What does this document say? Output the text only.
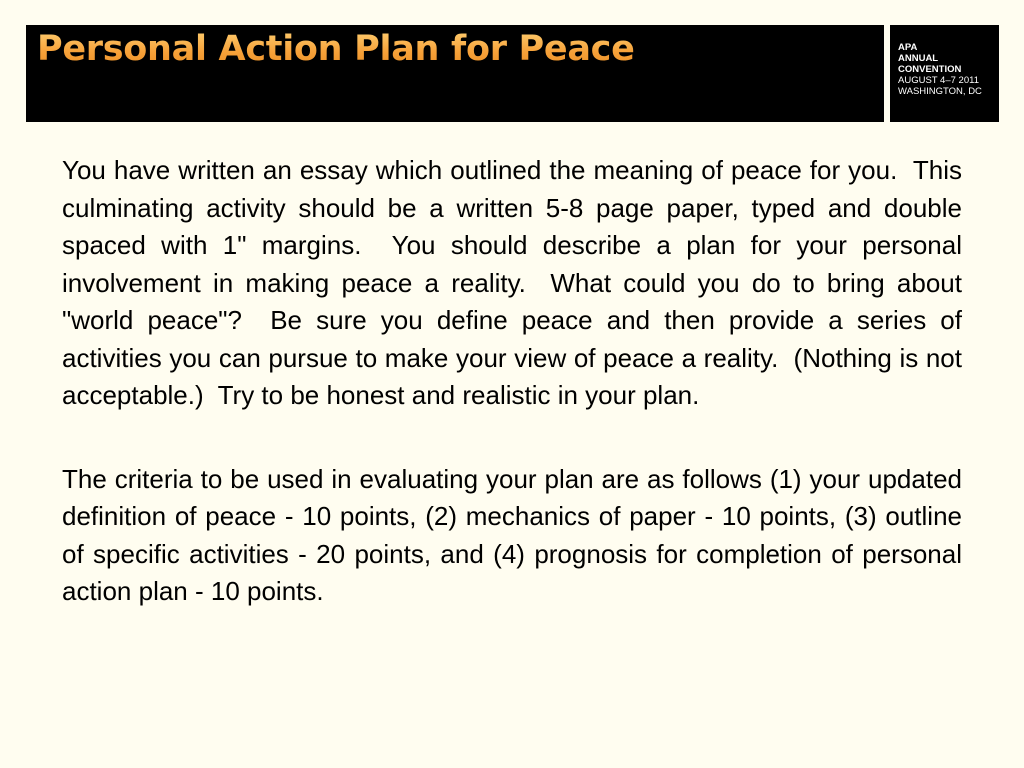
Personal Action Plan for Peace	APA
ANNUAL
CONVENTION
AUGUST 4–7 2011
WASHINGTON, DC

You have written an essay which outlined the meaning of peace for you.  This culminating activity should be a written 5-8 page paper, typed and double spaced with 1" margins.  You should describe a plan for your personal involvement in making peace a reality.  What could you do to bring about "world peace"?  Be sure you define peace and then provide a series of activities you can pursue to make your view of peace a reality.  (Nothing is not acceptable.)  Try to be honest and realistic in your plan.

The criteria to be used in evaluating your plan are as follows (1) your updated definition of peace - 10 points, (2) mechanics of paper - 10 points, (3) outline of specific activities - 20 points, and (4) prognosis for completion of personal action plan - 10 points.
